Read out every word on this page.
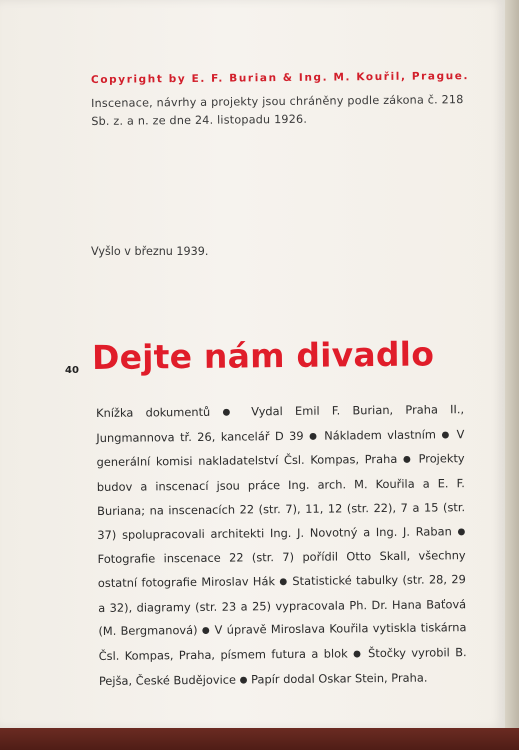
Copyright by E. F. Burian & Ing. M. Kouřil, Prague.
Inscenace, návrhy a projekty jsou chráněny podle zákona č. 218 Sb. z. a n. ze dne 24. listopadu 1926.
Vyšlo v březnu 1939.
40 Dejte nám divadlo
Knížka dokumentů ● Vydal Emil F. Burian, Praha II., Jungmannova tř. 26, kancelář D 39 ● Nákladem vlastním ● V generální komisi nakladatelství Čsl. Kompas, Praha ● Projekty budov a inscenací jsou práce Ing. arch. M. Kouřila a E. F. Buriana; na inscenacích 22 (str. 7), 11, 12 (str. 22), 7 a 15 (str. 37) spolupracovali architekti Ing. J. Novotný a Ing. J. Raban ● Fotografie inscenace 22 (str. 7) pořídil Otto Skall, všechny ostatní fotografie Miroslav Hák ● Statistické tabulky (str. 28, 29 a 32), diagramy (str. 23 a 25) vypracovala Ph. Dr. Hana Baťová (M. Bergmanová) ● V úpravě Miroslava Kouřila vytiskla tiskárna Čsl. Kompas, Praha, písmem futura a blok ● Štočky vyrobil B. Pejša, České Budějovice ● Papír dodal Oskar Stein, Praha.
